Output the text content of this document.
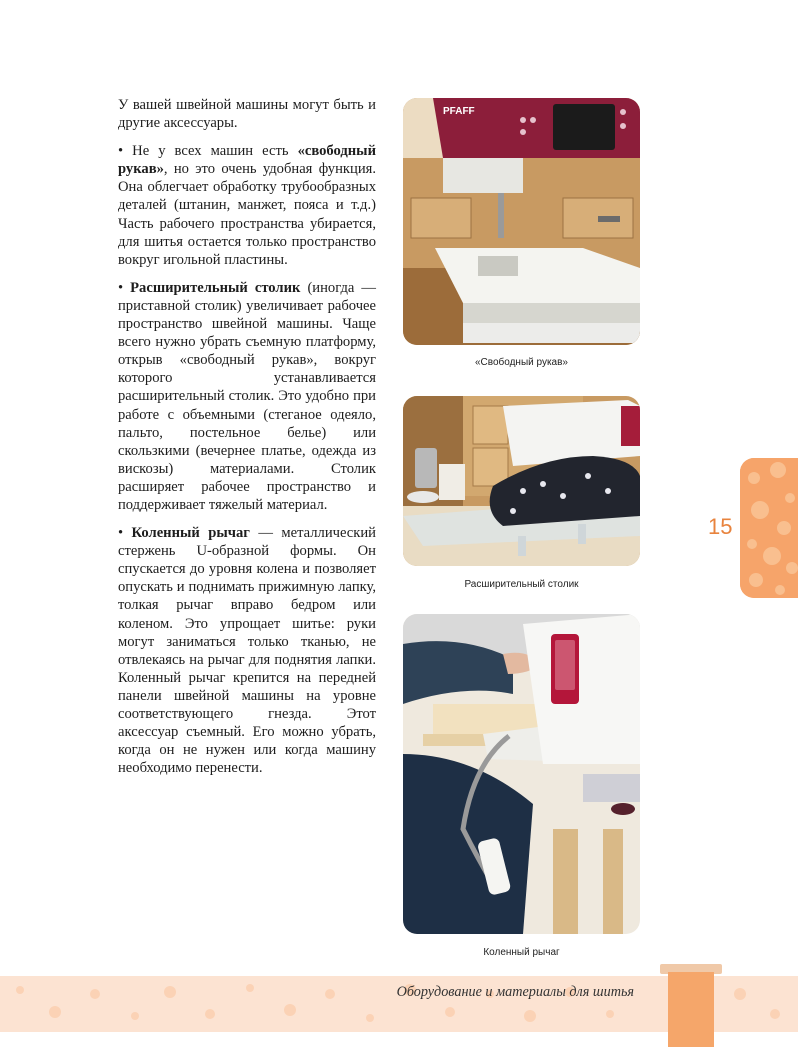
У вашей швейной машины могут быть и другие аксессуары.

• Не у всех машин есть «свободный рукав», но это очень удобная функция. Она облегчает обработку трубообразных деталей (штанин, манжет, пояса и т.д.) Часть рабочего пространства убирается, для шитья остается только пространство вокруг игольной пластины.

• Расширительный столик (иногда — приставной столик) увеличивает рабочее пространство швейной машины. Чаще всего нужно убрать съемную платформу, открыв «свободный рукав», вокруг которого устанавливается расширительный столик. Это удобно при работе с объемными (стеганое одеяло, пальто, постельное белье) или скользкими (вечернее платье, одежда из вискозы) материалами. Столик расширяет рабочее пространство и поддерживает тяжелый материал.

• Коленный рычаг — металлический стержень U-образной формы. Он спускается до уровня колена и позволяет опускать и поднимать прижимную лапку, толкая рычаг вправо бедром или коленом. Это упрощает шитье: руки могут заниматься только тканью, не отвлекаясь на рычаг для поднятия лапки. Коленный рычаг крепится на передней панели швейной машины на уровне соответствующего гнезда. Этот аксессуар съемный. Его можно убрать, когда он не нужен или когда машину необходимо перенести.

PFAFF
«Свободный рукав»
Расширительный столик
Коленный рычаг
15
Оборудование и материалы для шитья
